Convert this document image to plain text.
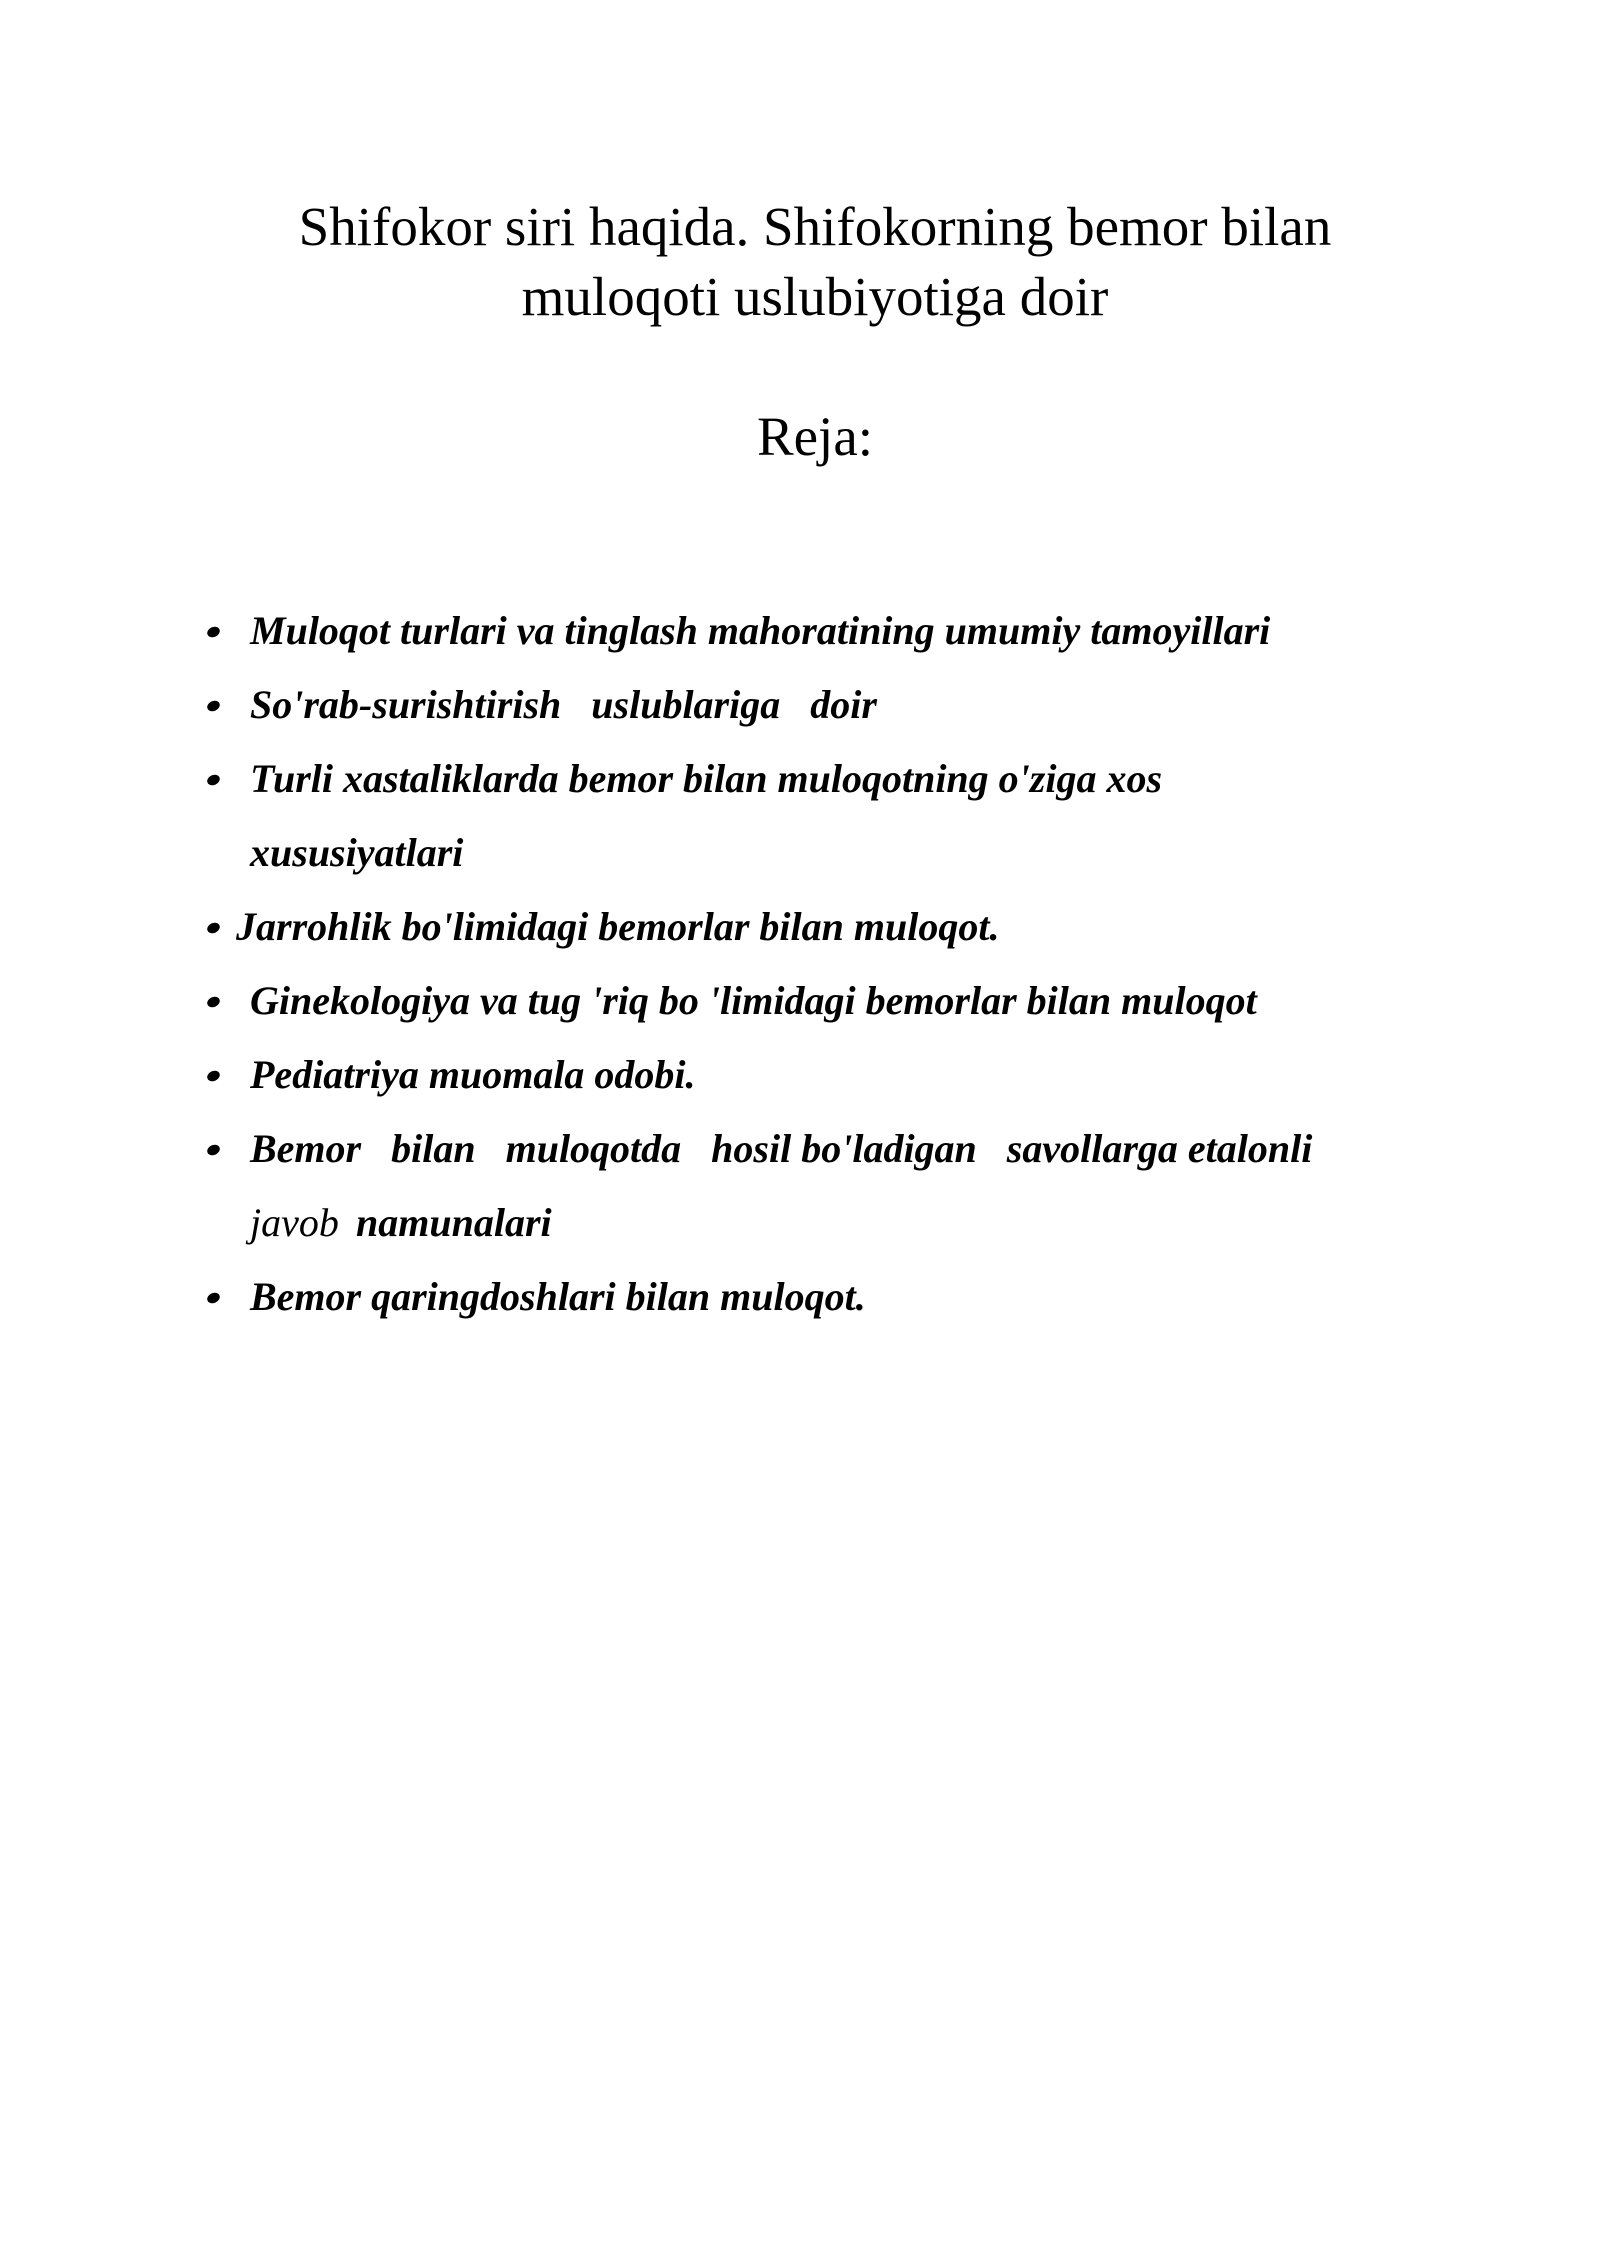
Shifokor siri haqida. Shifokorning bemor bilan
muloqoti uslubiyotiga doir
Reja:
Muloqot turlari va tinglash mahoratining umumiy tamoyillari
So'rab-surishtirish   uslublariga   doir
Turli xastaliklarda bemor bilan muloqotning o'ziga xos
xususiyatlari
Jarrohlik bo'limidagi bemorlar bilan muloqot.
Ginekologiya va tug 'riq bo 'limidagi bemorlar bilan muloqot
Pediatriya muomala odobi.
Bemor   bilan   muloqotda   hosil bo'ladigan   savollarga etalonli
javob namunalari
Bemor qaringdoshlari bilan muloqot.
